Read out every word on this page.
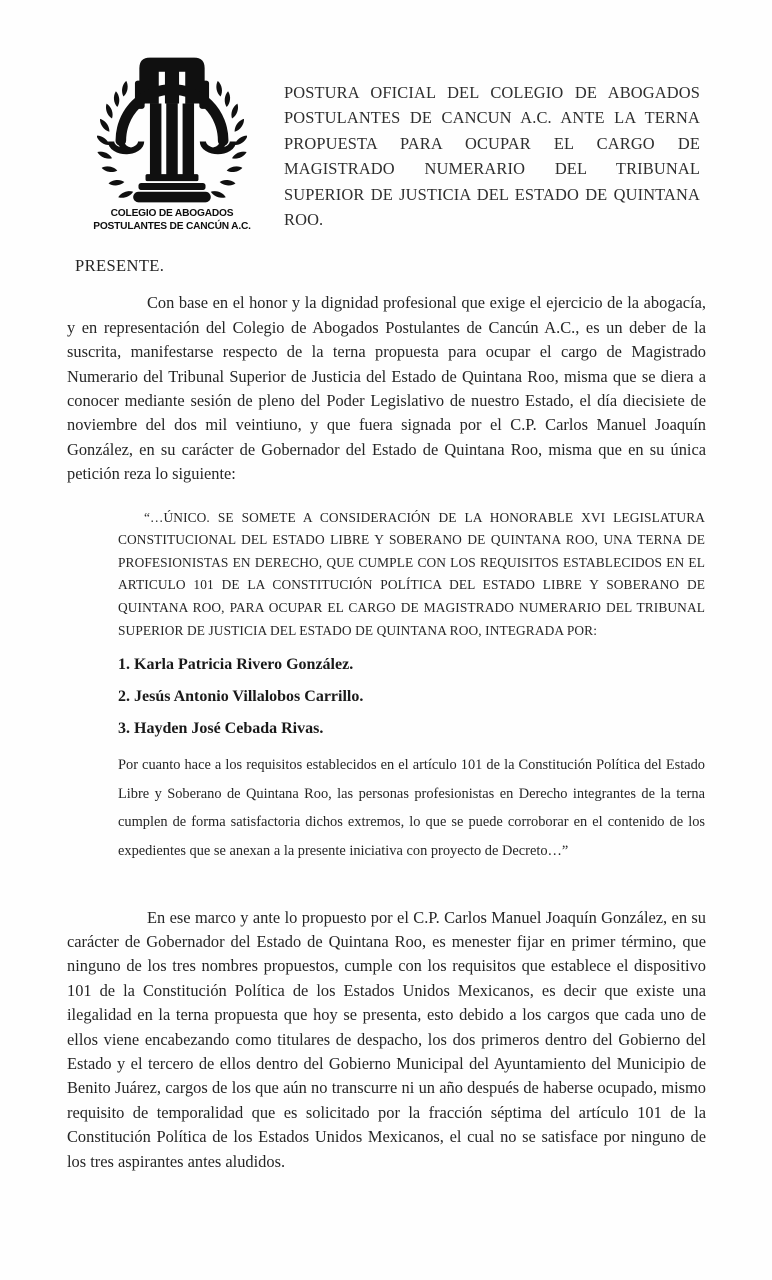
COLEGIO DE ABOGADOS
POSTULANTES DE CANCÚN A.C.
POSTURA OFICIAL DEL COLEGIO DE ABOGADOS POSTULANTES DE CANCUN A.C. ANTE LA TERNA PROPUESTA PARA OCUPAR EL CARGO DE MAGISTRADO NUMERARIO DEL TRIBUNAL SUPERIOR DE JUSTICIA DEL ESTADO DE QUINTANA ROO.
PRESENTE.

Con base en el honor y la dignidad profesional que exige el ejercicio de la abogacía, y en representación del Colegio de Abogados Postulantes de Cancún A.C., es un deber de la suscrita, manifestarse respecto de la terna propuesta para ocupar el cargo de Magistrado Numerario del Tribunal Superior de Justicia del Estado de Quintana Roo, misma que se diera a conocer mediante sesión de pleno del Poder Legislativo de nuestro Estado, el día diecisiete de noviembre del dos mil veintiuno, y que fuera signada por el C.P. Carlos Manuel Joaquín González, en su carácter de Gobernador del Estado de Quintana Roo, misma que en su única petición reza lo siguiente:

“…ÚNICO. SE SOMETE A CONSIDERACIÓN DE LA HONORABLE XVI LEGISLATURA CONSTITUCIONAL DEL ESTADO LIBRE Y SOBERANO DE QUINTANA ROO, UNA TERNA DE PROFESIONISTAS EN DERECHO, QUE CUMPLE CON LOS REQUISITOS ESTABLECIDOS EN EL ARTICULO 101 DE LA CONSTITUCIÓN POLÍTICA DEL ESTADO LIBRE Y SOBERANO DE QUINTANA ROO, PARA OCUPAR EL CARGO DE MAGISTRADO NUMERARIO DEL TRIBUNAL SUPERIOR DE JUSTICIA DEL ESTADO DE QUINTANA ROO, INTEGRADA POR:
1. Karla Patricia Rivero González.
2. Jesús Antonio Villalobos Carrillo.
3. Hayden José Cebada Rivas.
Por cuanto hace a los requisitos establecidos en el artículo 101 de la Constitución Política del Estado Libre y Soberano de Quintana Roo, las personas profesionistas en Derecho integrantes de la terna cumplen de forma satisfactoria dichos extremos, lo que se puede corroborar en el contenido de los expedientes que se anexan a la presente iniciativa con proyecto de Decreto…”

En ese marco y ante lo propuesto por el C.P. Carlos Manuel Joaquín González, en su carácter de Gobernador del Estado de Quintana Roo, es menester fijar en primer término, que ninguno de los tres nombres propuestos, cumple con los requisitos que establece el dispositivo 101 de la Constitución Política de los Estados Unidos Mexicanos, es decir que existe una ilegalidad en la terna propuesta que hoy se presenta, esto debido a los cargos que cada uno de ellos viene encabezando como titulares de despacho, los dos primeros dentro del Gobierno del Estado y el tercero de ellos dentro del Gobierno Municipal del Ayuntamiento del Municipio de Benito Juárez, cargos de los que aún no transcurre ni un año después de haberse ocupado, mismo requisito de temporalidad que es solicitado por la fracción séptima del artículo 101 de la Constitución Política de los Estados Unidos Mexicanos, el cual no se satisface por ninguno de los tres aspirantes antes aludidos.
